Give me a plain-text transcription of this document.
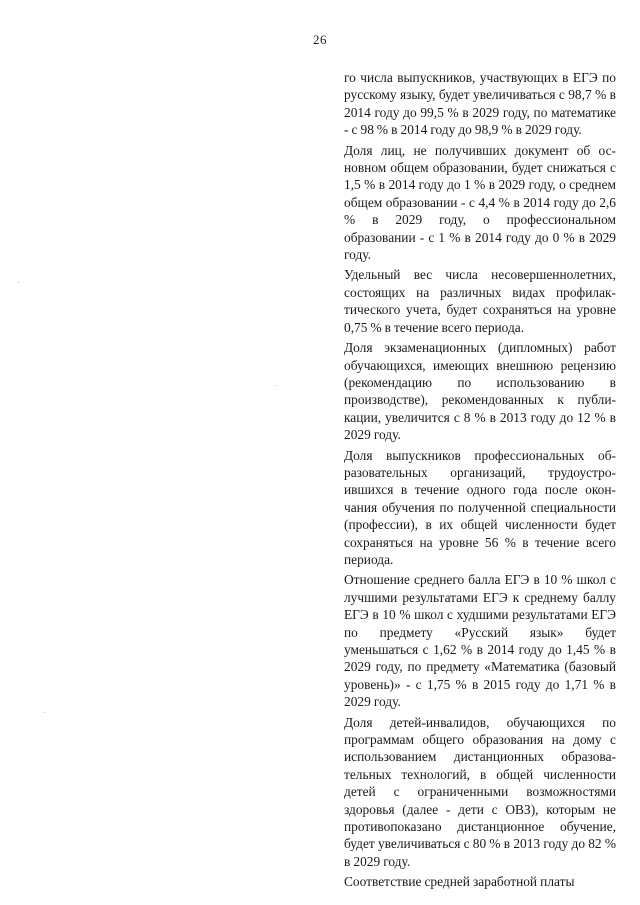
26

го числа выпускников, участвующих в ЕГЭ по русскому языку, будет увеличиваться с 98,7 % в 2014 году до 99,5 % в 2029 году, по математике - с 98 % в 2014 году до 98,9 % в 2029 году.

Доля лиц, не получивших документ об основном общем образовании, будет снижаться с 1,5 % в 2014 году до 1 % в 2029 году, о среднем общем образовании - с 4,4 % в 2014 году до 2,6 % в 2029 году, о профессиональном образовании - с 1 % в 2014 году до 0 % в 2029 году.

Удельный вес числа несовершеннолетних, состоящих на различных видах профилактического учета, будет сохраняться на уровне 0,75 % в течение всего периода.

Доля экзаменационных (дипломных) работ обучающихся, имеющих внешнюю рецензию (рекомендацию по использованию в производстве), рекомендованных к публикации, увеличится с 8 % в 2013 году до 12 % в 2029 году.

Доля выпускников профессиональных образовательных организаций, трудоустроившихся в течение одного года после окончания обучения по полученной специальности (профессии), в их общей численности будет сохраняться на уровне 56 % в течение всего периода.

Отношение среднего балла ЕГЭ в 10 % школ с лучшими результатами ЕГЭ к среднему баллу ЕГЭ в 10 % школ с худшими результатами ЕГЭ по предмету «Русский язык» будет уменьшаться с 1,62 % в 2014 году до 1,45 % в 2029 году, по предмету «Математика (базовый уровень)» - с 1,75 % в 2015 году до 1,71 % в 2029 году.

Доля детей-инвалидов, обучающихся по программам общего образования на дому с использованием дистанционных образовательных технологий, в общей численности детей с ограниченными возможностями здоровья (далее - дети с ОВЗ), которым не противопоказано дистанционное обучение, будет увеличиваться с 80 % в 2013 году до 82 % в 2029 году.

Соответствие средней заработной платы
